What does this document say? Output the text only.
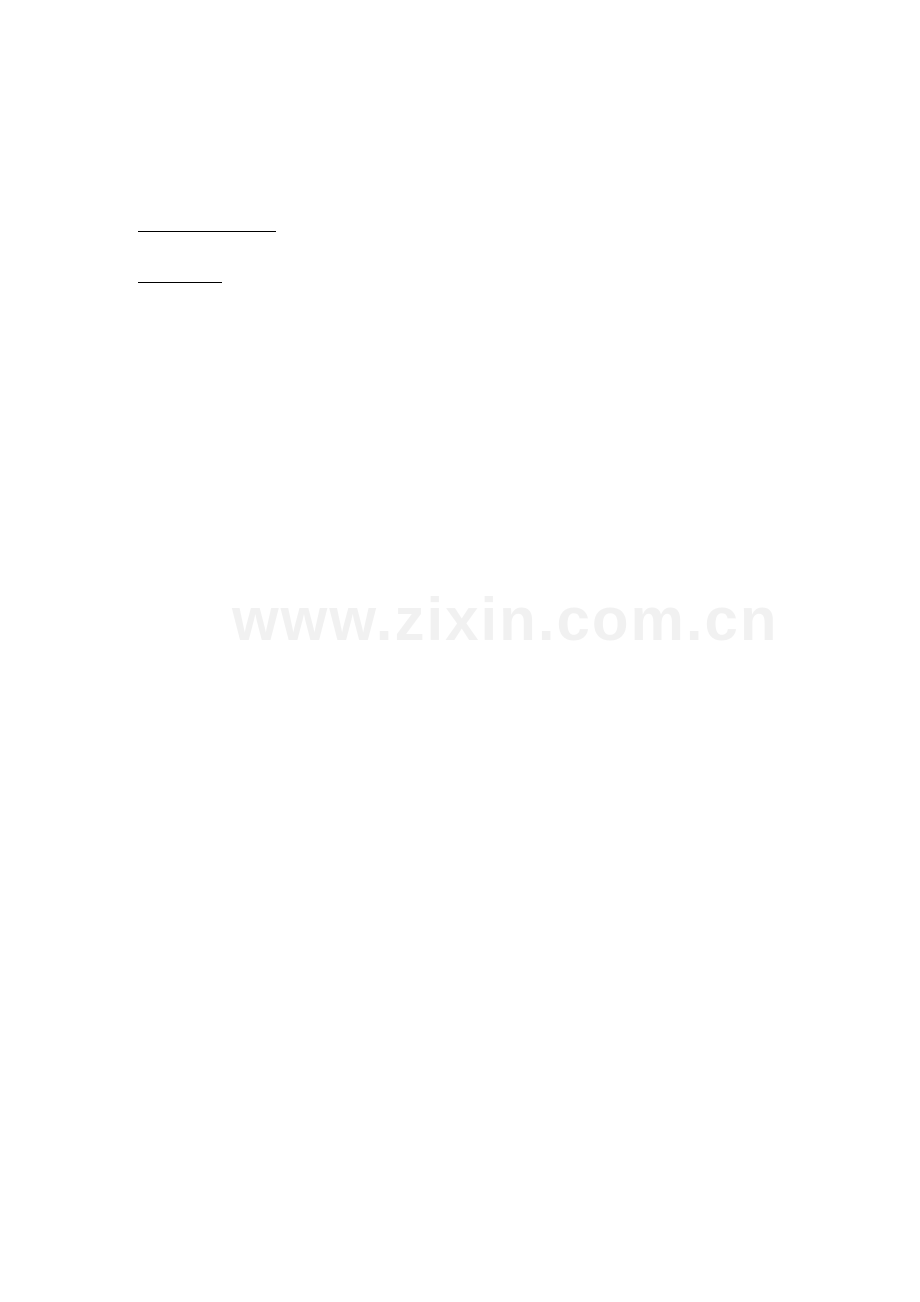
www.zixin.com.cn
